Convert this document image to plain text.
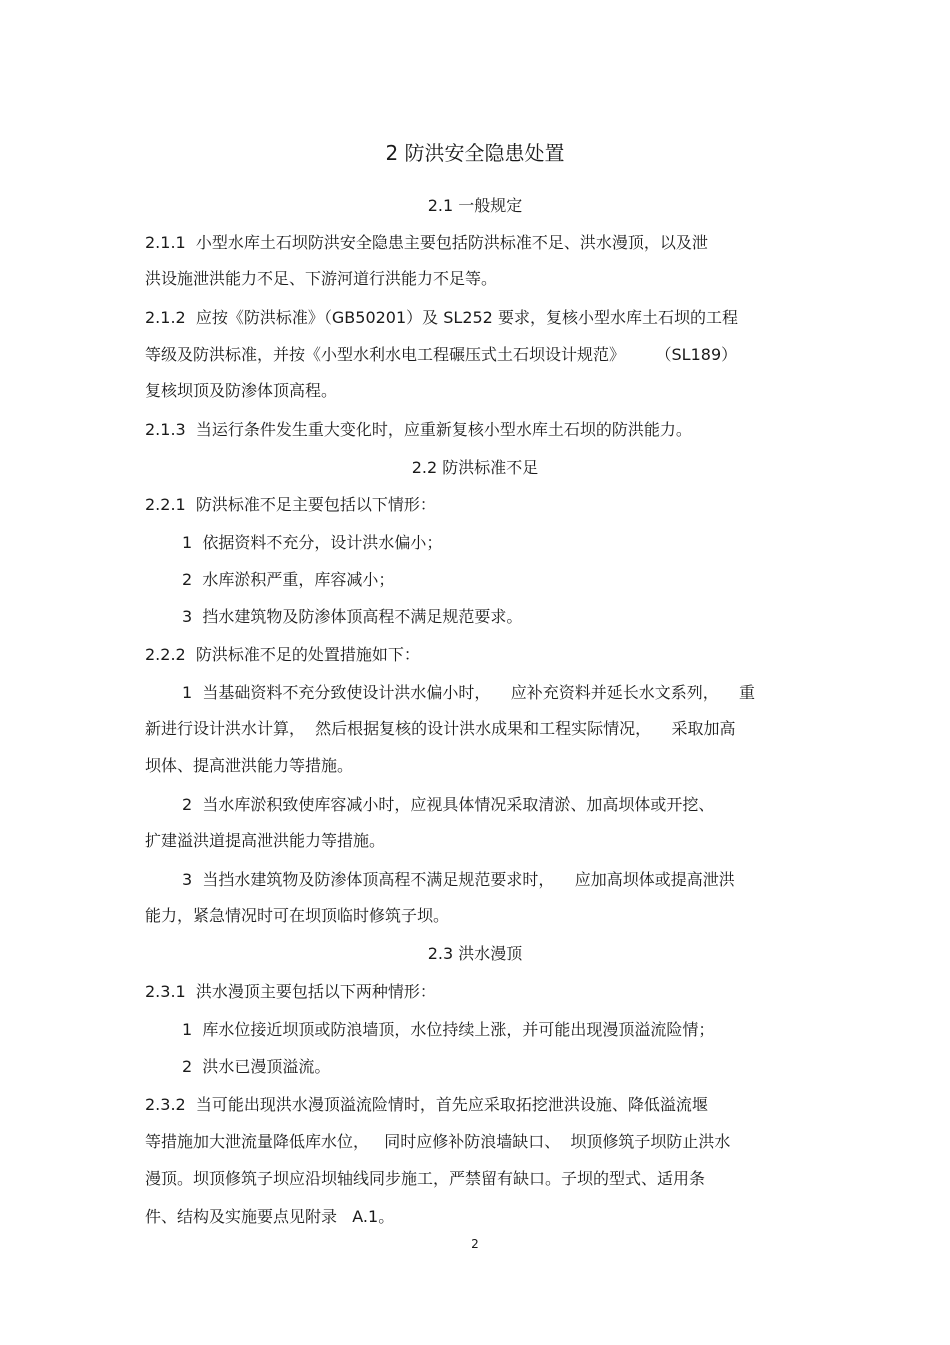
2 防洪安全隐患处置
2.1 一般规定
2.1.1  小型水库土石坝防洪安全隐患主要包括防洪标准不足、洪水漫顶，以及泄
洪设施泄洪能力不足、下游河道行洪能力不足等。
2.1.2  应按《防洪标准》（GB50201）及 SL252 要求，复核小型水库土石坝的工程
等级及防洪标准，并按《小型水利水电工程碾压式土石坝设计规范》      （SL189）
复核坝顶及防渗体顶高程。
2.1.3  当运行条件发生重大变化时，应重新复核小型水库土石坝的防洪能力。
2.2 防洪标准不足
2.2.1  防洪标准不足主要包括以下情形：
1  依据资料不充分，设计洪水偏小；
2  水库淤积严重，库容减小；
3  挡水建筑物及防渗体顶高程不满足规范要求。
2.2.2  防洪标准不足的处置措施如下：
1  当基础资料不充分致使设计洪水偏小时，    应补充资料并延长水文系列，    重
新进行设计洪水计算，  然后根据复核的设计洪水成果和工程实际情况，    采取加高
坝体、提高泄洪能力等措施。
2  当水库淤积致使库容减小时，应视具体情况采取清淤、加高坝体或开挖、
扩建溢洪道提高泄洪能力等措施。
3  当挡水建筑物及防渗体顶高程不满足规范要求时，    应加高坝体或提高泄洪
能力，紧急情况时可在坝顶临时修筑子坝。
2.3 洪水漫顶
2.3.1  洪水漫顶主要包括以下两种情形：
1  库水位接近坝顶或防浪墙顶，水位持续上涨，并可能出现漫顶溢流险情；
2  洪水已漫顶溢流。
2.3.2  当可能出现洪水漫顶溢流险情时，首先应采取拓挖泄洪设施、降低溢流堰
等措施加大泄流量降低库水位，   同时应修补防浪墙缺口、  坝顶修筑子坝防止洪水
漫顶。坝顶修筑子坝应沿坝轴线同步施工，严禁留有缺口。子坝的型式、适用条
件、结构及实施要点见附录   A.1。
2
